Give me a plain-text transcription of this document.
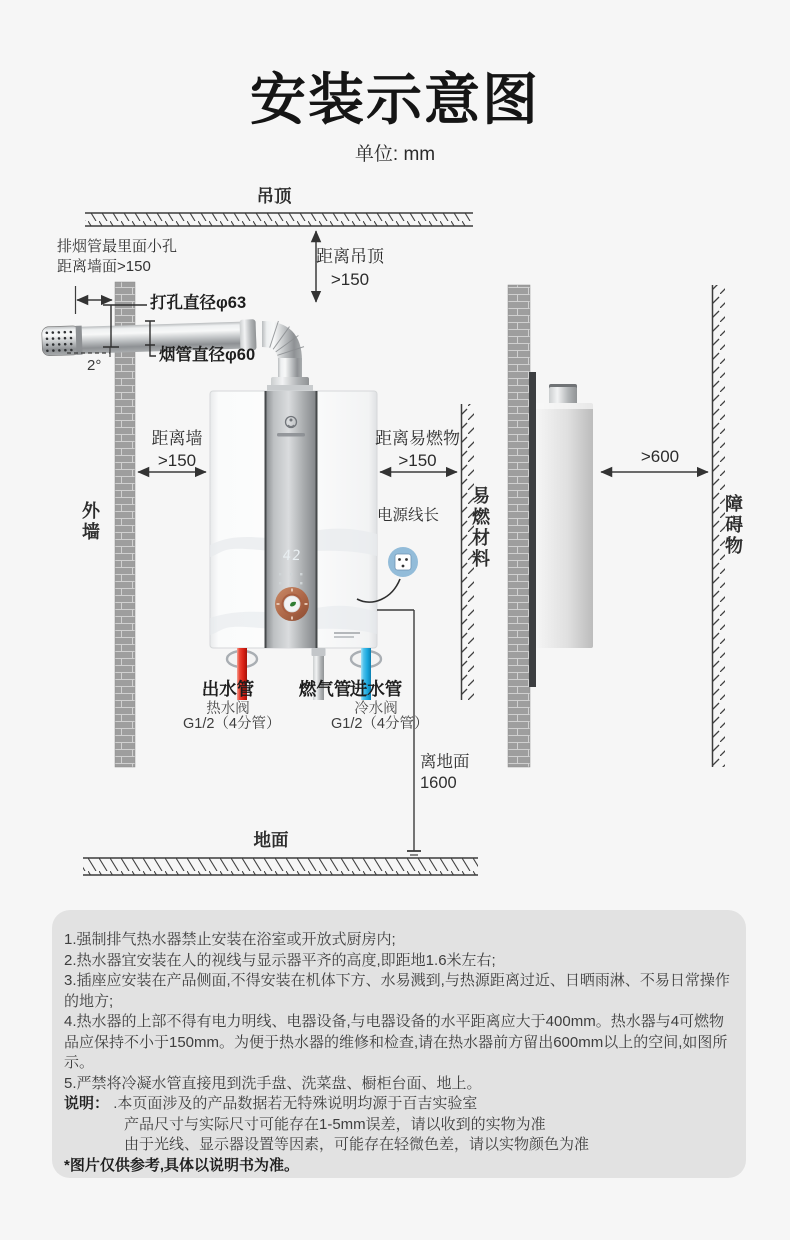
安装示意图
单位: mm
吊顶
距离吊顶
>150
排烟管最里面小孔
距离墙面>150
打孔直径φ63
烟管直径φ60
2°
外墙
距离墙
>150
距离易燃物
>150
电源线长 易燃材料
>600
障碍物
42
出水管
热水阀
G1/2（4分管）
燃气管
进水管
冷水阀
G1/2（4分管）
离地面
1600
地面

1.强制排气热水器禁止安装在浴室或开放式厨房内;

2.热水器宜安装在人的视线与显示器平齐的高度,即距地1.6米左右;

3.插座应安装在产品侧面,不得安装在机体下方、水易溅到,与热源距离过近、日晒雨淋、不易日常操作的地方;

4.热水器的上部不得有电力明线、电器设备,与电器设备的水平距离应大于400mm。热水器与4可燃物品应保持不小于150mm。为便于热水器的维修和检查,请在热水器前方留出600mm以上的空间,如图所示。

5.严禁将冷凝水管直接甩到洗手盘、洗菜盘、橱柜台面、地上。

说明： .本页面涉及的产品数据若无特殊说明均源于百吉实验室

产品尺寸与实际尺寸可能存在1-5mm误差，请以收到的实物为准

由于光线、显示器设置等因素，可能存在轻微色差，请以实物颜色为准

*图片仅供参考,具体以说明书为准。
